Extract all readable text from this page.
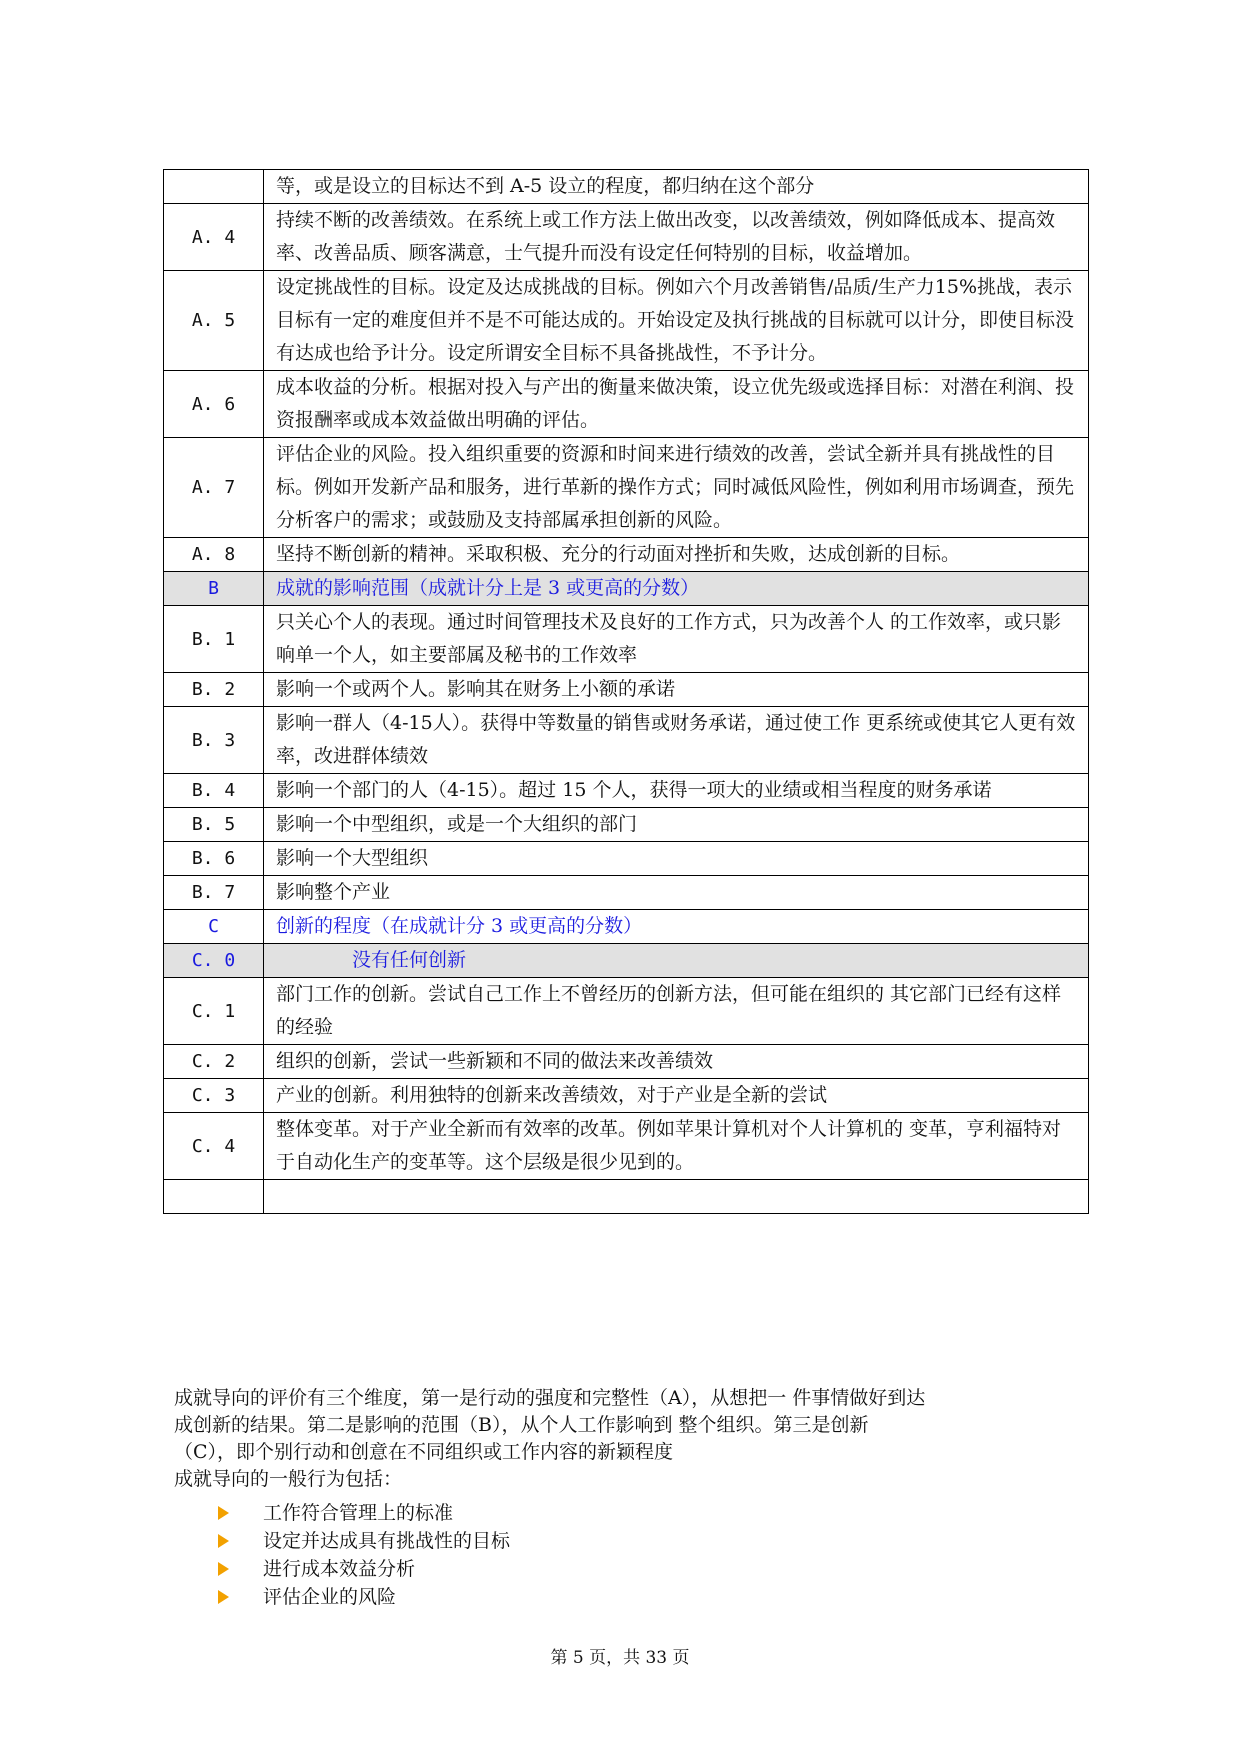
	等，或是设立的目标达不到 A-5 设立的程度，都归纳在这个部分
A. 4	持续不断的改善绩效。在系统上或工作方法上做出改变，以改善绩效，例如降低成本、提高效率、改善品质、顾客满意，士气提升而没有设定任何特别的目标，收益增加。
A. 5	设定挑战性的目标。设定及达成挑战的目标。例如六个月改善销售/品质/生产力15%挑战，表示目标有一定的难度但并不是不可能达成的。开始设定及执行挑战的目标就可以计分，即使目标没有达成也给予计分。设定所谓安全目标不具备挑战性，不予计分。
A. 6	成本收益的分析。根据对投入与产出的衡量来做决策，设立优先级或选择目标：对潜在利润、投资报酬率或成本效益做出明确的评估。
A. 7	评估企业的风险。投入组织重要的资源和时间来进行绩效的改善，尝试全新并具有挑战性的目标。例如开发新产品和服务，进行革新的操作方式；同时减低风险性，例如利用市场调查，预先分析客户的需求；或鼓励及支持部属承担创新的风险。
A. 8	坚持不断创新的精神。采取积极、充分的行动面对挫折和失败，达成创新的目标。
B	成就的影响范围（成就计分上是 3 或更高的分数）
B. 1	只关心个人的表现。通过时间管理技术及良好的工作方式，只为改善个人 的工作效率，或只影响单一个人，如主要部属及秘书的工作效率
B. 2	影响一个或两个人。影响其在财务上小额的承诺
B. 3	影响一群人（4-15人）。获得中等数量的销售或财务承诺，通过使工作 更系统或使其它人更有效率，改进群体绩效
B. 4	影响一个部门的人（4-15）。超过 15 个人，获得一项大的业绩或相当程度的财务承诺
B. 5	影响一个中型组织，或是一个大组织的部门
B. 6	影响一个大型组织
B. 7	影响整个产业
C	创新的程度（在成就计分 3 或更高的分数）
C. 0	没有任何创新
C. 1	部门工作的创新。尝试自己工作上不曾经历的创新方法，但可能在组织的 其它部门已经有这样的经验
C. 2	组织的创新，尝试一些新颖和不同的做法来改善绩效
C. 3	产业的创新。利用独特的创新来改善绩效，对于产业是全新的尝试
C. 4	整体变革。对于产业全新而有效率的改革。例如苹果计算机对个人计算机的 变革，亨利福特对于自动化生产的变革等。这个层级是很少见到的。

成就导向的评价有三个维度，第一是行动的强度和完整性（A），从想把一 件事情做好到达

成创新的结果。第二是影响的范围（B），从个人工作影响到 整个组织。第三是创新

（C），即个别行动和创意在不同组织或工作内容的新颖程度

成就导向的一般行为包括：

工作符合管理上的标准
设定并达成具有挑战性的目标
进行成本效益分析
评估企业的风险
第 5 页，共 33 页
